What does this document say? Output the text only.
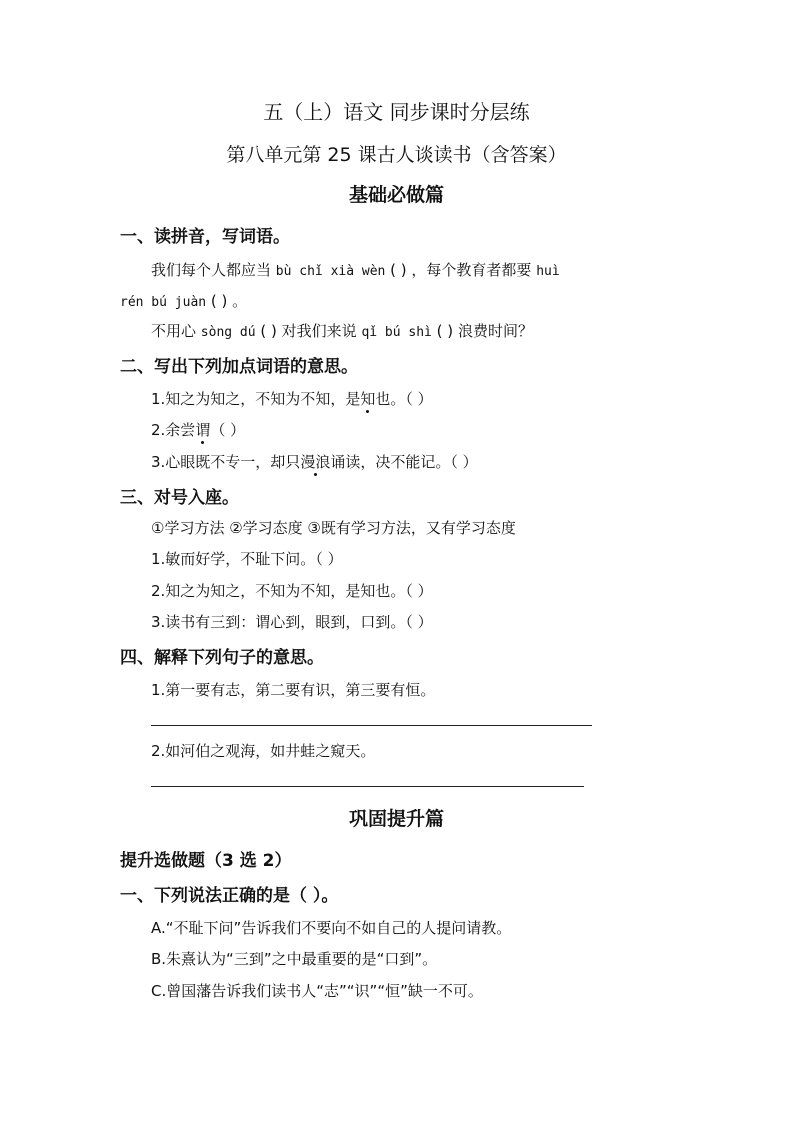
五（上）语文 同步课时分层练
第八单元第 25 课古人谈读书（含答案）
基础必做篇
一、读拼音，写词语。
我们每个人都应当 bù chǐ xià wèn ( ) ，每个教育者都要 huì
rén bú juàn ( ) 。
不用心 sòng dú ( ) 对我们来说 qǐ bú shì ( ) 浪费时间？
二、写出下列加点词语的意思。
1.知之为知之，不知为不知，是知也。（ ）
2.余尝谓（ ）
3.心眼既不专一，却只漫浪诵读，决不能记。（ ）
三、对号入座。
①学习方法 ②学习态度 ③既有学习方法，又有学习态度
1.敏而好学，不耻下问。（ ）
2.知之为知之，不知为不知，是知也。（ ）
3.读书有三到：谓心到，眼到，口到。（ ）
四、解释下列句子的意思。
1.第一要有志，第二要有识，第三要有恒。
2.如河伯之观海，如井蛙之窥天。
巩固提升篇
提升选做题（3 选 2）
一、下列说法正确的是（ ）。
A.“不耻下问”告诉我们不要向不如自己的人提问请教。
B.朱熹认为“三到”之中最重要的是“口到”。
C.曾国藩告诉我们读书人“志”“识”“恒”缺一不可。
